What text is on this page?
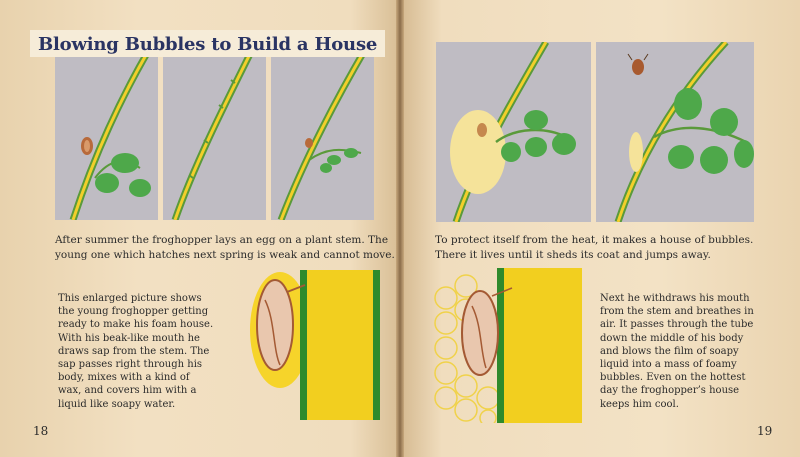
After summer the froghopper lays an egg on a plant stem. The
young one which hatches next spring is weak and cannot move.
Blowing Bubbles to Build a House
This enlarged picture shows
the young froghopper getting
ready to make his foam house.
With his beak-like mouth he
draws sap from the stem. The
sap passes right through his
body, mixes with a kind of
wax, and covers him with a
liquid like soapy water.
18
To protect itself from the heat, it makes a house of bubbles.
There it lives until it sheds its coat and jumps away.
Next he withdraws his mouth
from the stem and breathes in
air. It passes through the tube
down the middle of his body
and blows the film of soapy
liquid into a mass of foamy
bubbles. Even on the hottest
day the froghopper’s house
keeps him cool.
19
